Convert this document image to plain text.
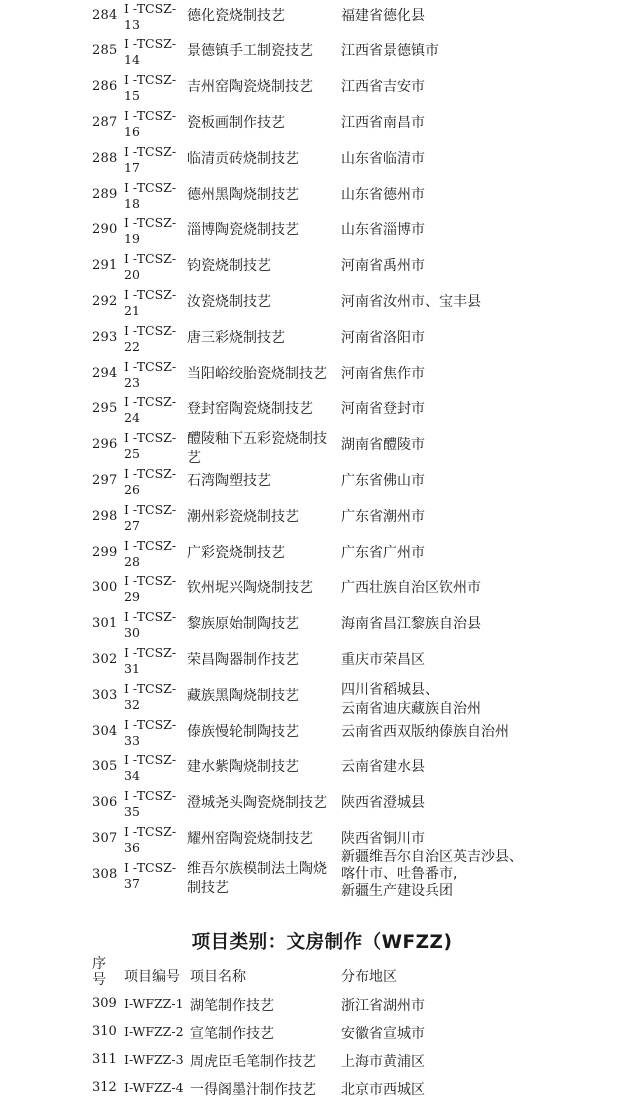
284 Ⅰ -TCSZ-
13
德化瓷烧制技艺	福建省德化县
285 Ⅰ -TCSZ-
14
景德镇手工制瓷技艺	江西省景德镇市
286 Ⅰ -TCSZ-
15
吉州窑陶瓷烧制技艺	江西省吉安市
287 Ⅰ -TCSZ-
16
瓷板画制作技艺	江西省南昌市
288 Ⅰ -TCSZ-
17
临清贡砖烧制技艺	山东省临清市
289 Ⅰ -TCSZ-
18
德州黑陶烧制技艺	山东省德州市
290 Ⅰ -TCSZ-
19
淄博陶瓷烧制技艺	山东省淄博市
291 Ⅰ -TCSZ-
20
钧瓷烧制技艺	河南省禹州市
292 Ⅰ -TCSZ-
21
汝瓷烧制技艺	河南省汝州市、宝丰县
293 Ⅰ -TCSZ-
22
唐三彩烧制技艺	河南省洛阳市
294 Ⅰ -TCSZ-
23
当阳峪绞胎瓷烧制技艺	河南省焦作市
295 Ⅰ -TCSZ-
24
登封窑陶瓷烧制技艺	河南省登封市
296 Ⅰ -TCSZ-
25
醴陵釉下五彩瓷烧制技艺
湖南省醴陵市
297 Ⅰ -TCSZ-
26
石湾陶塑技艺	广东省佛山市
298 Ⅰ -TCSZ-
27
潮州彩瓷烧制技艺	广东省潮州市
299 Ⅰ -TCSZ-
28
广彩瓷烧制技艺	广东省广州市
300 Ⅰ -TCSZ-
29
钦州坭兴陶烧制技艺	广西壮族自治区钦州市
301 Ⅰ -TCSZ-
30
黎族原始制陶技艺	海南省昌江黎族自治县
302 Ⅰ -TCSZ-
31
荣昌陶器制作技艺	重庆市荣昌区
303 Ⅰ -TCSZ-
32
藏族黑陶烧制技艺	四川省稻城县、
云南省迪庆藏族自治州
304 Ⅰ -TCSZ-
33
傣族慢轮制陶技艺	云南省西双版纳傣族自治州
305 Ⅰ -TCSZ-
34
建水紫陶烧制技艺	云南省建水县
306 Ⅰ -TCSZ-
35
澄城尧头陶瓷烧制技艺	陕西省澄城县
307 Ⅰ -TCSZ-
36
耀州窑陶瓷烧制技艺	陕西省铜川市
308 Ⅰ -TCSZ-
37
维吾尔族模制法土陶烧制技艺
新疆维吾尔自治区英吉沙县、喀什市、吐鲁番市,
新疆生产建设兵团
项目类别：文房制作（WFZZ)
序号	项目编号 项目名称	分布地区
309 Ⅰ-WFZZ-1 湖笔制作技艺	浙江省湖州市
310 Ⅰ-WFZZ-2 宣笔制作技艺	安徽省宣城市
311 Ⅰ-WFZZ-3 周虎臣毛笔制作技艺 上海市黄浦区
312 Ⅰ-WFZZ-4 一得阁墨汁制作技艺 北京市西城区
